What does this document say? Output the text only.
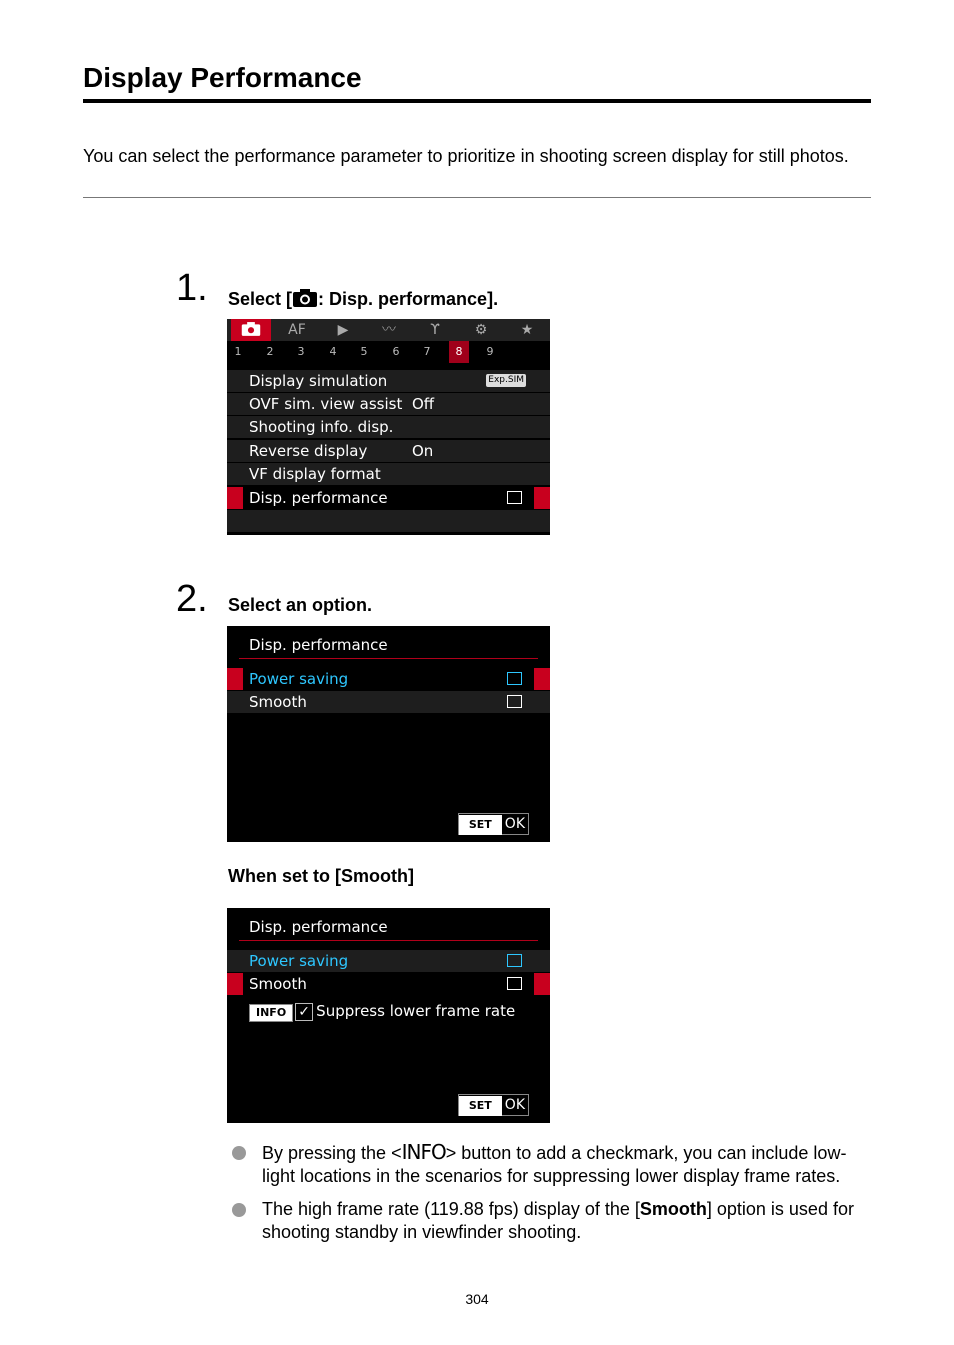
Display Performance
You can select the performance parameter to prioritize in shooting screen display for still photos.
1. Select [ : Disp. performance].
AF	▶	〰	ϒ	⚙	★
1	2	3	4	5	6	7	8	9
Display simulation	Exp.SIM
OVF sim. view assist Off
Shooting info. disp.
Reverse display	On
VF display format
Disp. performance
2. Select an option.
Disp. performance
Power saving
Smooth
SET OK
When set to [Smooth]
Disp. performance
Power saving
Smooth
INFO ✓ Suppress lower frame rate
SET OK
By pressing the <INFO> button to add a checkmark, you can include low-light locations in the scenarios for suppressing lower display frame rates.
The high frame rate (119.88 fps) display of the [Smooth] option is used for shooting standby in viewfinder shooting.
304
